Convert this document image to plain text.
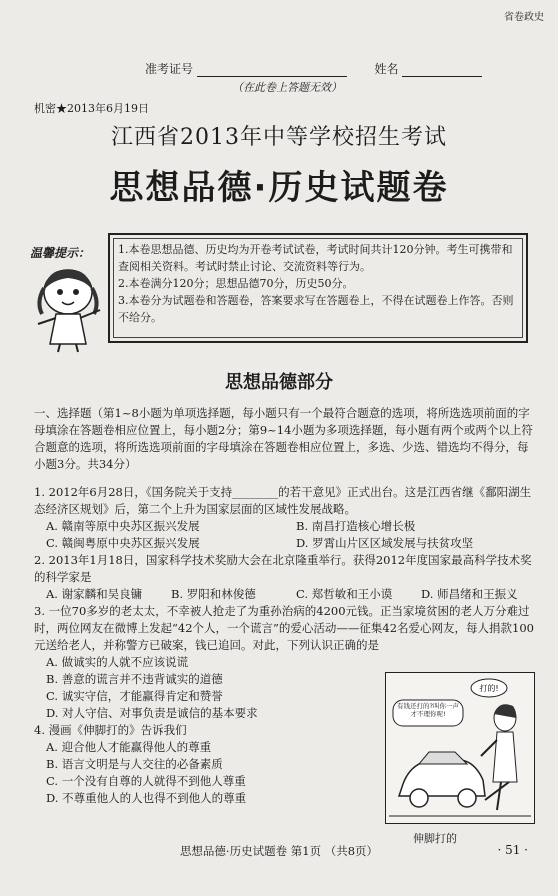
省卷政史
准考证号	姓名
（在此卷上答题无效）
机密★2013年6月19日
江西省2013年中等学校招生考试
思想品德·历史试题卷
温馨提示：	1.本卷思想品德、历史均为开卷考试试卷，考试时间共计120分钟。考生可携带和查阅相关资料。考试时禁止讨论、交流资料等行为。

2.本卷满分120分；思想品德70分，历史50分。

3.本卷分为试题卷和答题卷，答案要求写在答题卷上，不得在试题卷上作答。否则不给分。

思想品德部分
一、选择题（第1~8小题为单项选择题，每小题只有一个最符合题意的选项，将所选选项前面的字母填涂在答题卷相应位置上，每小题2分；第9~14小题为多项选择题，每小题有两个或两个以上符合题意的选项，将所选选项前面的字母填涂在答题卷相应位置上，多选、少选、错选均不得分，每小题3分。共34分）

1. 2012年6月28日，《国务院关于支持________的若干意见》正式出台。这是江西省继《鄱阳湖生态经济区规划》后，第二个上升为国家层面的区域性发展战略。

A. 赣南等原中央苏区振兴发展	B. 南昌打造核心增长极
C. 赣闽粤原中央苏区振兴发展	D. 罗霄山片区区域发展与扶贫攻坚

2. 2013年1月18日，国家科学技术奖励大会在北京隆重举行。获得2012年度国家最高科学技术奖的科学家是

A. 谢家麟和吴良镛	B. 罗阳和林俊德	C. 郑哲敏和王小谟	D. 师昌绪和王振义

3. 一位70多岁的老太太，不幸被人抢走了为重孙治病的4200元钱。正当家境贫困的老人万分难过时，两位网友在微博上发起“42个人，一个谎言”的爱心活动——征集42名爱心网友，每人捐款100元送给老人，并称警方已破案，钱已追回。对此，下列认识正确的是

A. 做诚实的人就不应该说谎

B. 善意的谎言并不违背诚实的道德

C. 诚实守信，才能赢得肯定和赞誉

D. 对人守信、对事负责是诚信的基本要求

4. 漫画《伸脚打的》告诉我们

A. 迎合他人才能赢得他人的尊重

B. 语言文明是与人交往的必备素质

C. 一个没有自尊的人就得不到他人尊重

D. 不尊重他人的人也得不到他人的尊重

打的!
有钱还打的?叫你一声才不理你呢!
伸脚打的
思想品德·历史试题卷 第1页 （共8页）	· 51 ·
